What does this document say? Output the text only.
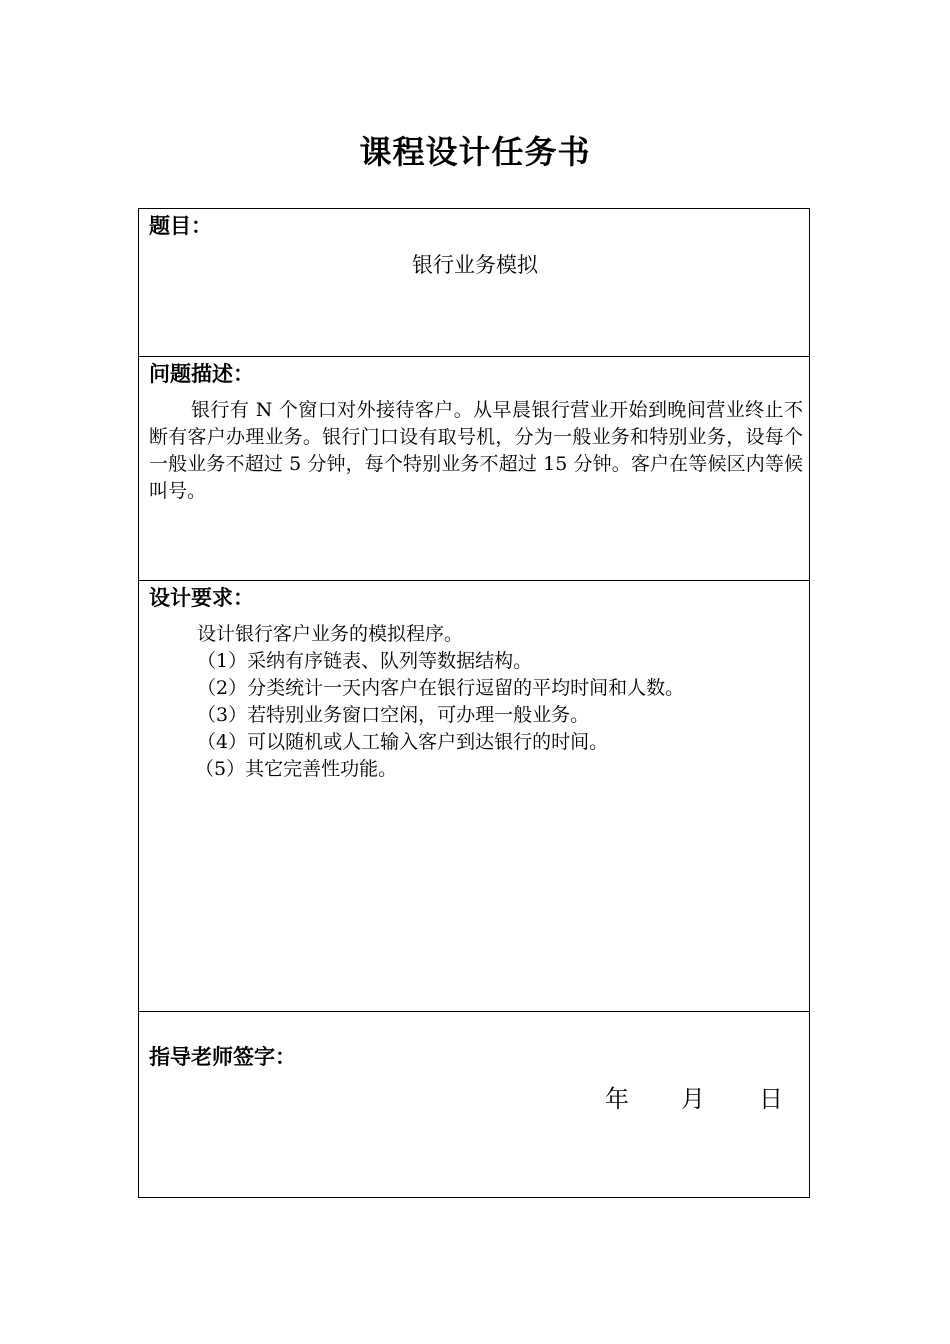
课程设计任务书
题目：
银行业务模拟
问题描述：
银行有 N 个窗口对外接待客户。从早晨银行营业开始到晚间营业终止不断有客户办理业务。银行门口设有取号机，分为一般业务和特别业务，设每个一般业务不超过 5 分钟，每个特别业务不超过 15 分钟。客户在等候区内等候叫号。
设计要求：
设计银行客户业务的模拟程序。
（1）采纳有序链表、队列等数据结构。
（2）分类统计一天内客户在银行逗留的平均时间和人数。
（3）若特别业务窗口空闲，可办理一般业务。
（4）可以随机或人工输入客户到达银行的时间。
（5）其它完善性功能。
指导老师签字：
年 月 日
